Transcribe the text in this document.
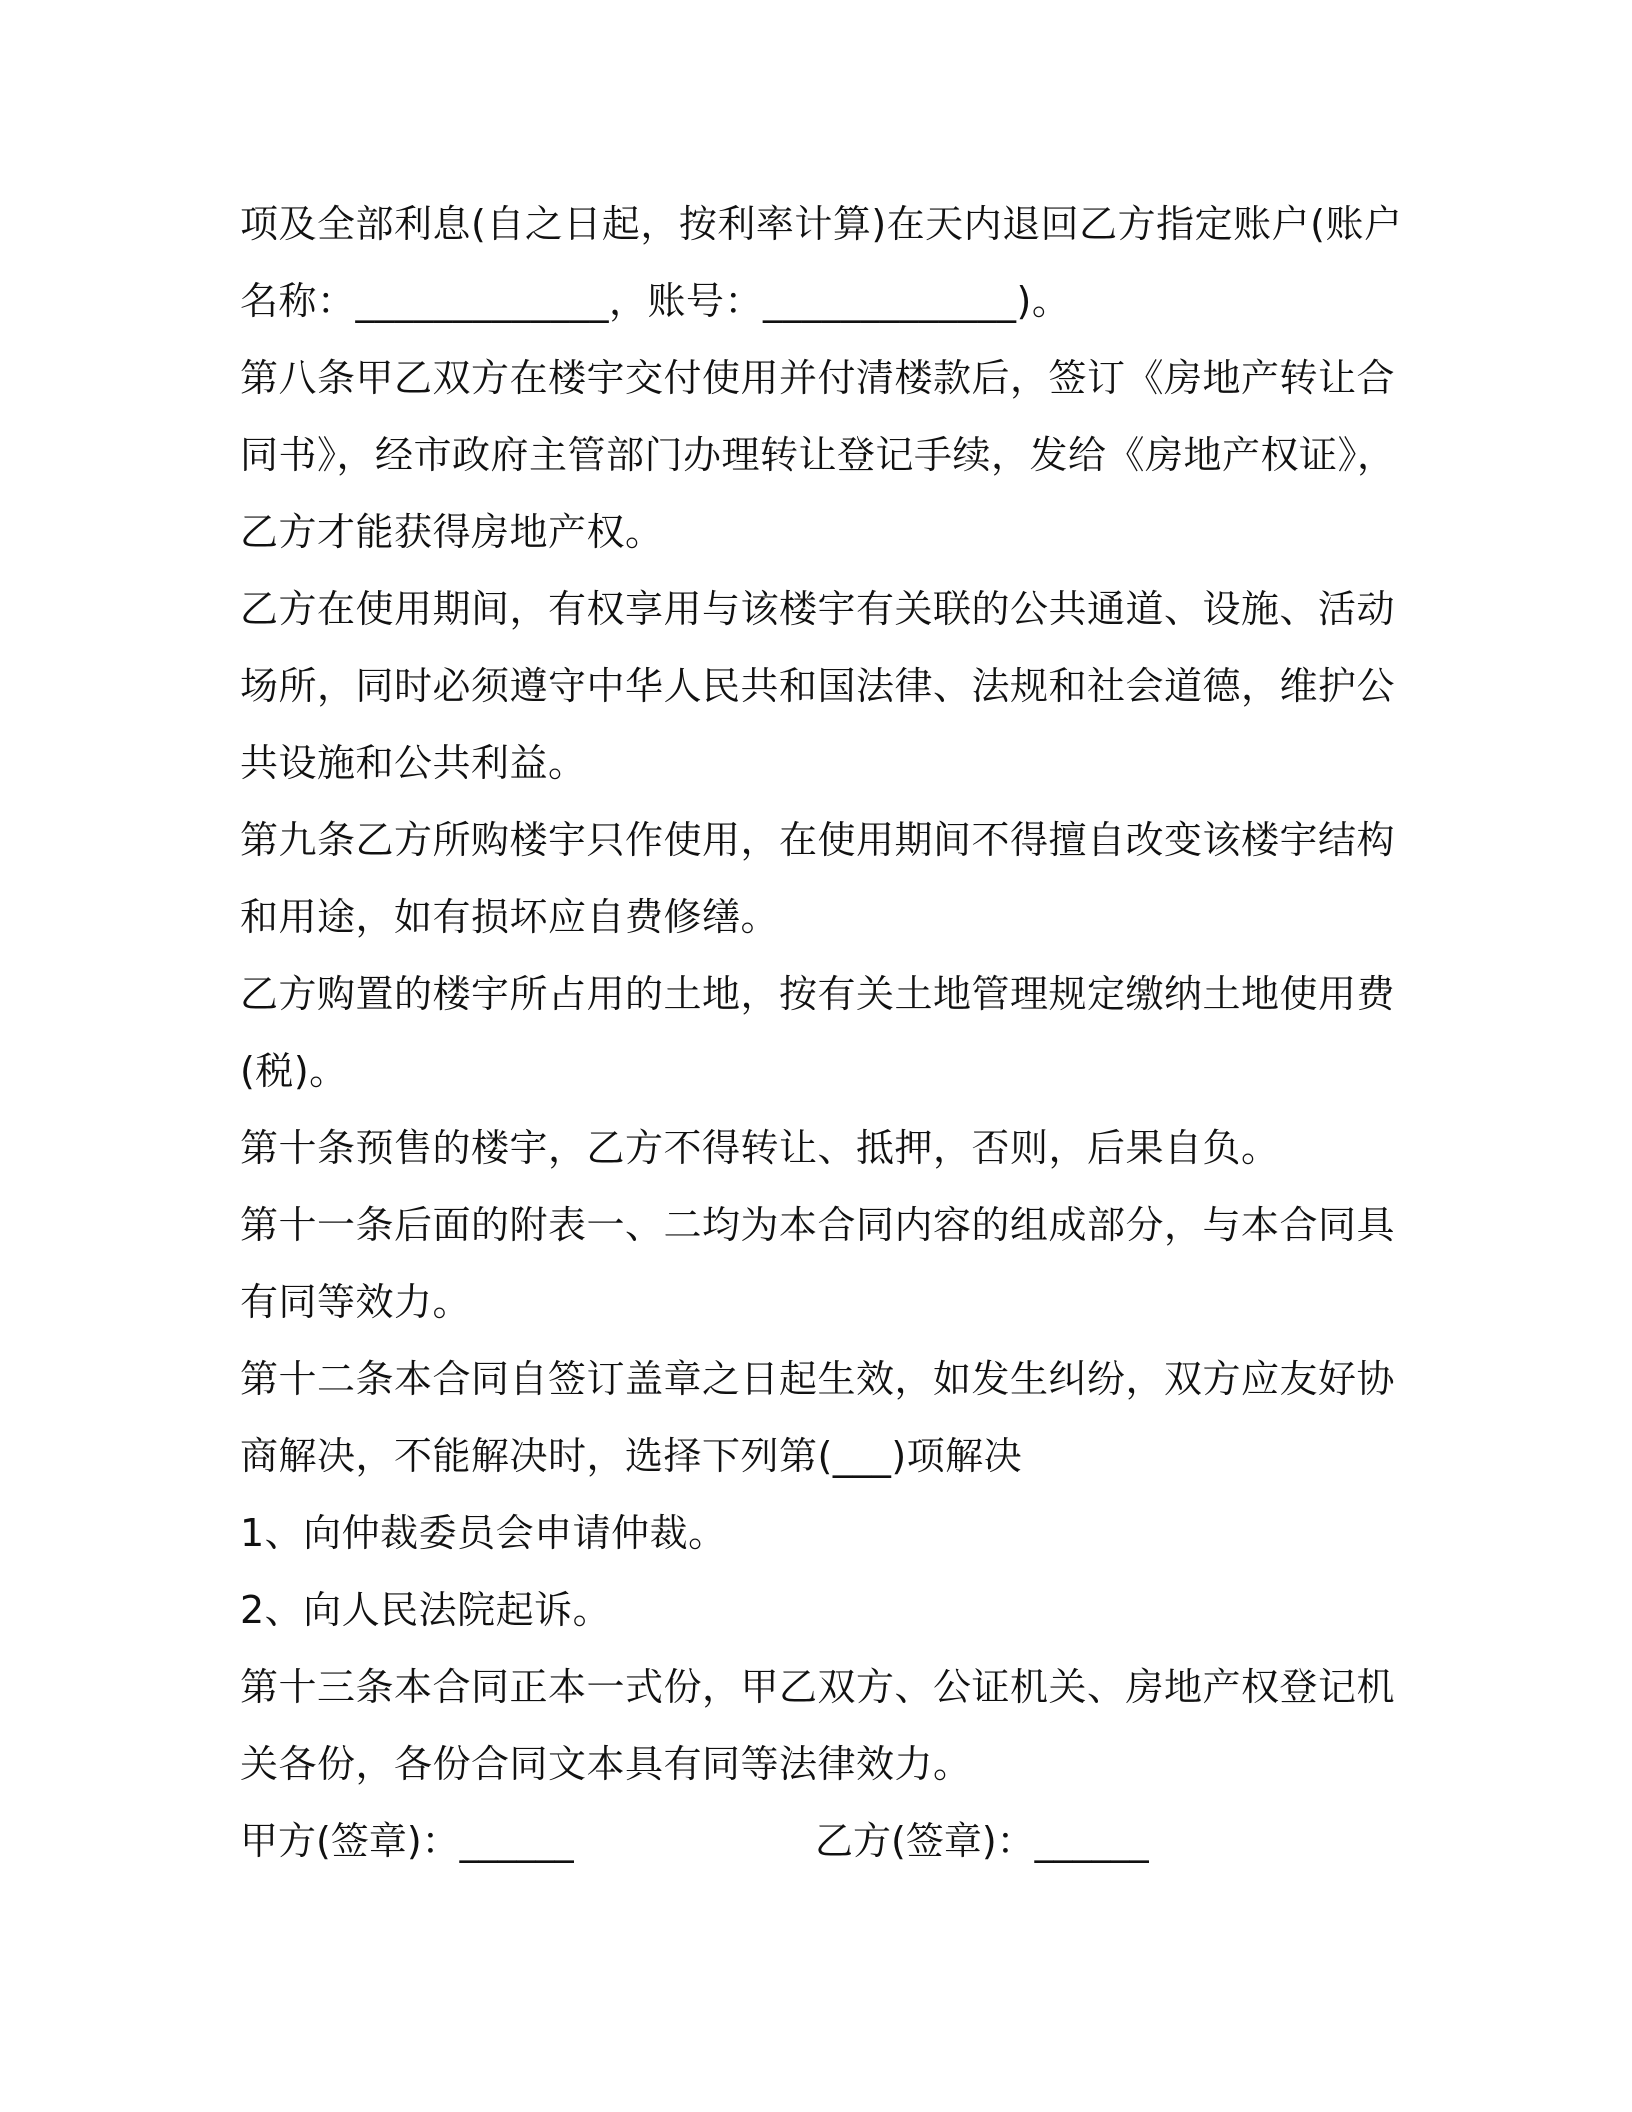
项及全部利息(自之日起，按利率计算)在天内退回乙方指定账户(账户
名称：_____________，账号：_____________)。
第八条甲乙双方在楼宇交付使用并付清楼款后，签订《房地产转让合
同书》，经市政府主管部门办理转让登记手续，发给《房地产权证》，
乙方才能获得房地产权。
乙方在使用期间，有权享用与该楼宇有关联的公共通道、设施、活动
场所，同时必须遵守中华人民共和国法律、法规和社会道德，维护公
共设施和公共利益。
第九条乙方所购楼宇只作使用，在使用期间不得擅自改变该楼宇结构
和用途，如有损坏应自费修缮。
乙方购置的楼宇所占用的土地，按有关土地管理规定缴纳土地使用费
(税)。
第十条预售的楼宇，乙方不得转让、抵押，否则，后果自负。
第十一条后面的附表一、二均为本合同内容的组成部分，与本合同具
有同等效力。
第十二条本合同自签订盖章之日起生效，如发生纠纷，双方应友好协
商解决，不能解决时，选择下列第(___)项解决
1、向仲裁委员会申请仲裁。
2、向人民法院起诉。
第十三条本合同正本一式份，甲乙双方、公证机关、房地产权登记机
关各份，各份合同文本具有同等法律效力。
甲方(签章)：______	乙方(签章)：______
